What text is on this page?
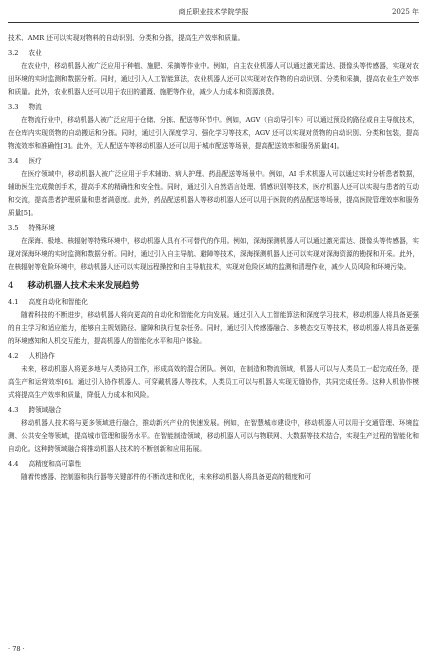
商丘职业技术学院学报	2025 年

技术、AMR 还可以实现对物料的自动识别、分类和分拣，提高生产效率和质量。

3.2 农业

在农业中，移动机器人被广泛应用于种植、施肥、采摘等作业中。例如，自主农业机器人可以通过激光雷达、摄像头等传感器，实现对农田环境的实时监测和数据分析。同时，通过引入人工智能算法，农业机器人还可以实现对农作物的自动识别、分类和采摘，提高农业生产效率和质量。此外，农业机器人还可以用于农田的灌溉、施肥等作业，减少人力成本和资源浪费。

3.3 物流

在物流行业中，移动机器人被广泛应用于仓储、分拣、配送等环节中。例如，AGV（自动导引车）可以通过预设的路径或自主导航技术，在仓库内实现货物的自动搬运和分拣。同时，通过引入深度学习、强化学习等技术，AGV 还可以实现对货物的自动识别、分类和包装，提高物流效率和准确性[3]。此外，无人配送车等移动机器人还可以用于城市配送等场景，提高配送效率和服务质量[4]。

3.4 医疗

在医疗领域中，移动机器人被广泛应用于手术辅助、病人护理、药品配送等场景中。例如，AI 手术机器人可以通过实时分析患者数据，辅助医生完成微创手术，提高手术的精确性和安全性。同时，通过引入自然语言处理、情感识别等技术，医疗机器人还可以实现与患者的互动和交流，提高患者护理质量和患者满意度。此外，药品配送机器人等移动机器人还可以用于医院的药品配送等场景，提高医院管理效率和服务质量[5]。

3.5 特殊环境

在深海、极地、核辐射等特殊环境中，移动机器人具有不可替代的作用。例如，深海探测机器人可以通过激光雷达、摄像头等传感器，实现对深海环境的实时监测和数据分析。同时，通过引入自主导航、避障等技术，深海探测机器人还可以实现对深海资源的勘探和开采。此外，在核辐射等危险环境中，移动机器人还可以实现远程操控和自主导航技术，实现对危险区域的监测和清理作业，减少人员风险和环境污染。

4 移动机器人技术未来发展趋势
4.1 高度自动化和智能化

随着科技的不断进步，移动机器人将向更高的自动化和智能化方向发展。通过引入人工智能算法和深度学习技术，移动机器人将具备更强的自主学习和适应能力，能够自主规划路径、避障和执行复杂任务。同时，通过引入传感器融合、多模态交互等技术，移动机器人将具备更强的环境感知和人机交互能力，提高机器人的智能化水平和用户体验。

4.2 人机协作

未来，移动机器人将更多地与人类协同工作，形成高效的混合团队。例如，在制造和物流领域，机器人可以与人类员工一起完成任务，提高生产和运营效率[6]。通过引入协作机器人、可穿戴机器人等技术，人类员工可以与机器人实现无缝协作，共同完成任务。这种人机协作模式将提高生产效率和质量，降低人力成本和风险。

4.3 跨领域融合

移动机器人技术将与更多领域进行融合，推动新兴产业的快速发展。例如，在智慧城市建设中，移动机器人可以用于交通管理、环境监测、公共安全等领域，提高城市管理和服务水平。在智能制造领域，移动机器人可以与物联网、大数据等技术结合，实现生产过程的智能化和自动化。这种跨领域融合将推动机器人技术的不断创新和应用拓展。

4.4 高精度和高可靠性

随着传感器、控制器和执行器等关键部件的不断改进和优化，未来移动机器人将具备更高的精度和可

· 78 ·
